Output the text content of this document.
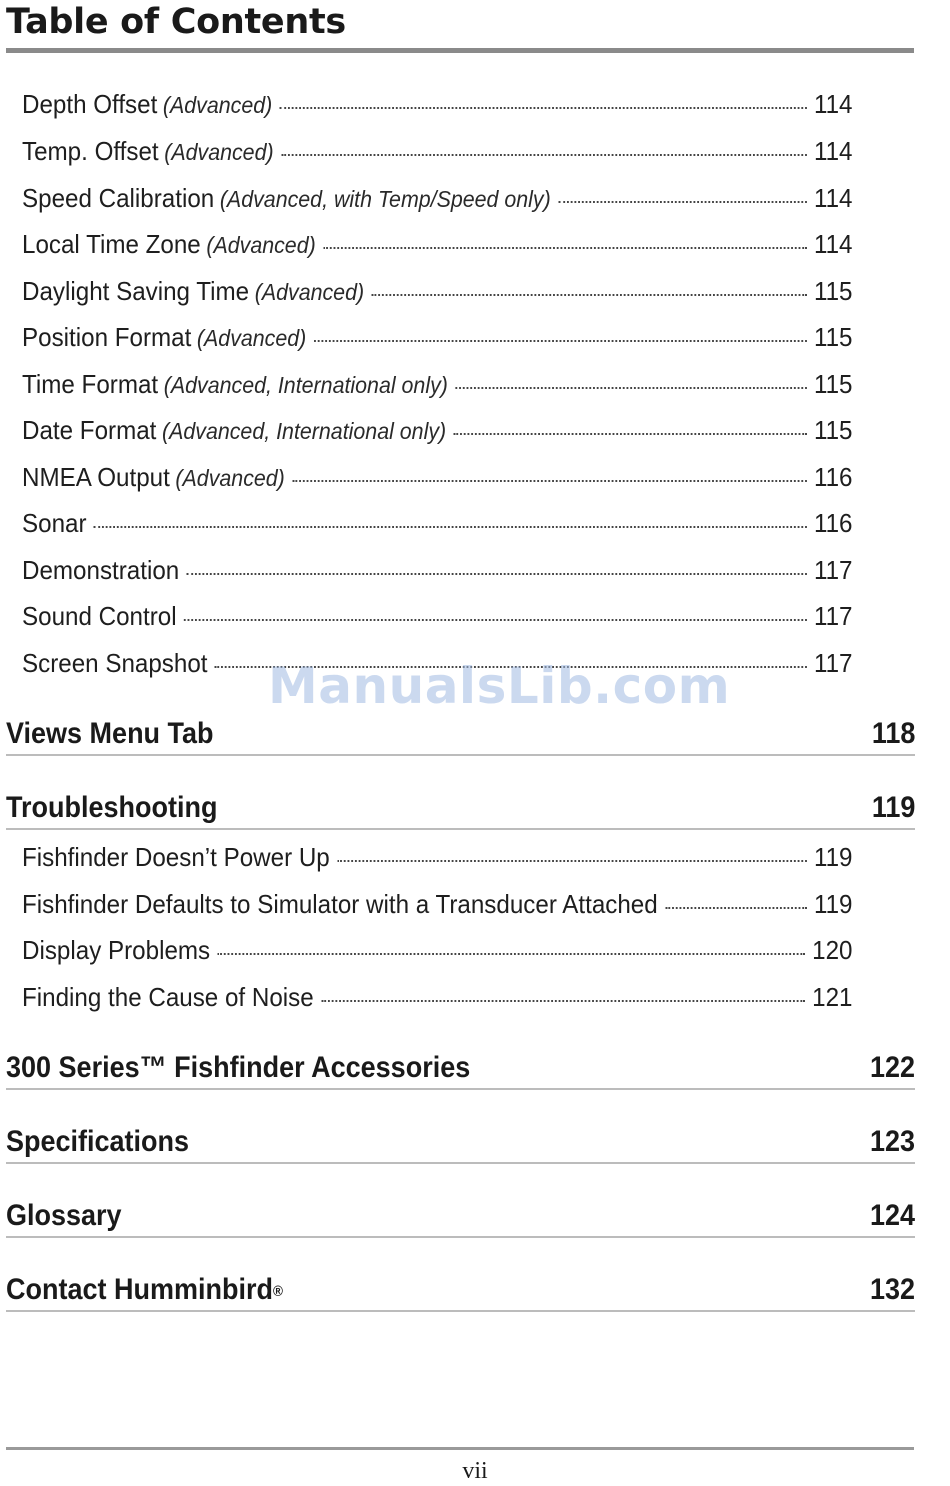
Table of Contents
Depth Offset (Advanced)	114
Temp. Offset (Advanced)	114
Speed Calibration (Advanced, with Temp/Speed only)	114
Local Time Zone (Advanced)	114
Daylight Saving Time (Advanced)	115
Position Format (Advanced)	115
Time Format (Advanced, International only)	115
Date Format (Advanced, International only)	115
NMEA Output (Advanced)	116
Sonar	116
Demonstration	117
Sound Control	117
Screen Snapshot	117
Views Menu Tab	118
Troubleshooting	119
Fishfinder Doesn’t Power Up	119
Fishfinder Defaults to Simulator with a Transducer Attached	119
Display Problems	120
Finding the Cause of Noise	121
300 Series™ Fishfinder Accessories	122
Specifications	123
Glossary	124
Contact Humminbird®	132
ManualsLib.com
vii
